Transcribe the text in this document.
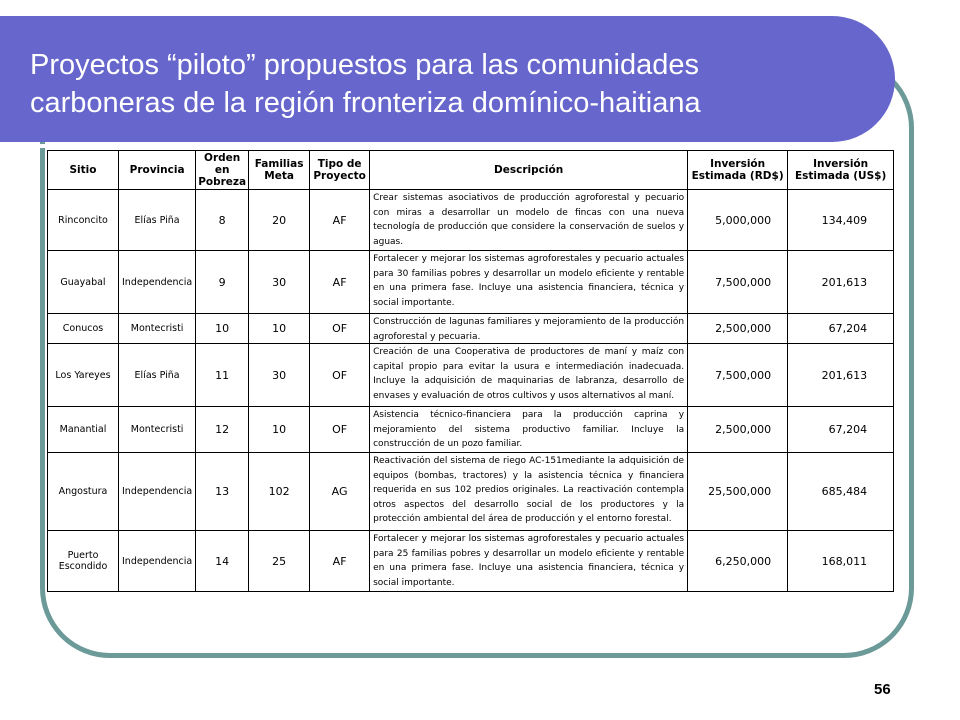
Proyectos “piloto” propuestos para las comunidades
carboneras de la región fronteriza domínico-haitiana
Sitio	Provincia	Orden en Pobreza	Familias Meta	Tipo de Proyecto	Descripción	Inversión Estimada (RD$)	Inversión Estimada (US$)
Rinconcito	Elías Piña	8	20	AF	Crear sistemas asociativos de producción agroforestal y pecuario con miras a desarrollar un modelo de fincas con una nueva tecnología de producción que considere la conservación de suelos y aguas.	5,000,000	134,409
Guayabal	Independencia	9	30	AF	Fortalecer y mejorar los sistemas agroforestales y pecuario actuales para 30 familias pobres y desarrollar un modelo eficiente y rentable en una primera fase. Incluye una asistencia financiera, técnica y social importante.	7,500,000	201,613
Conucos	Montecristi	10	10	OF	Construcción de lagunas familiares y mejoramiento de la producción agroforestal y pecuaria.	2,500,000	67,204
Los Yareyes	Elías Piña	11	30	OF	Creación de una Cooperativa de productores de maní y maíz con capital propio para evitar la usura e intermediación inadecuada. Incluye la adquisición de maquinarias de labranza, desarrollo de envases y evaluación de otros cultivos y usos alternativos al maní.	7,500,000	201,613
Manantial	Montecristi	12	10	OF	Asistencia técnico-financiera para la producción caprina y mejoramiento del sistema productivo familiar. Incluye la construcción de un pozo familiar.	2,500,000	67,204
Angostura	Independencia	13	102	AG	Reactivación del sistema de riego AC-151mediante la adquisición de equipos (bombas, tractores) y la asistencia técnica y financiera requerida en sus 102 predios originales. La reactivación contempla otros aspectos del desarrollo social de los productores y la protección ambiental del área de producción y el entorno forestal.	25,500,000	685,484
Puerto Escondido	Independencia	14	25	AF	Fortalecer y mejorar los sistemas agroforestales y pecuario actuales para 25 familias pobres y desarrollar un modelo eficiente y rentable en una primera fase. Incluye una asistencia financiera, técnica y social importante.	6,250,000	168,011
56
